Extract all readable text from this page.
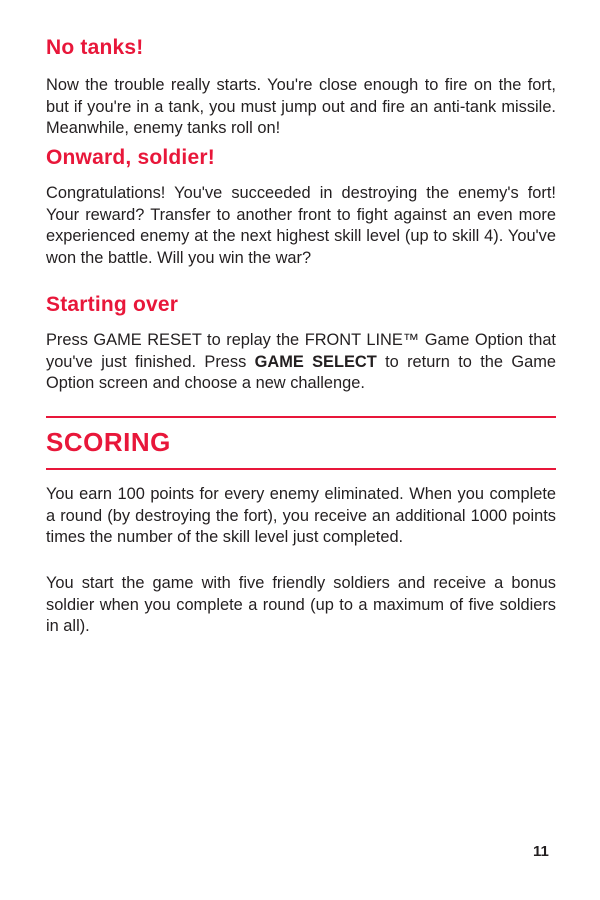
No tanks!

Now the trouble really starts. You're close enough to fire on the fort, but if you're in a tank, you must jump out and fire an anti-tank missile. Meanwhile, enemy tanks roll on!

Onward, soldier!

Congratulations! You've succeeded in destroying the enemy's fort! Your reward? Transfer to another front to fight against an even more experienced enemy at the next highest skill level (up to skill 4). You've won the battle. Will you win the war?

Starting over

Press GAME RESET to replay the FRONT LINE™ Game Option that you've just finished. Press GAME SELECT to return to the Game Option screen and choose a new challenge.

SCORING

You earn 100 points for every enemy eliminated. When you complete a round (by destroying the fort), you receive an additional 1000 points times the number of the skill level just completed.

You start the game with five friendly soldiers and receive a bonus soldier when you complete a round (up to a maximum of five soldiers in all).

11
